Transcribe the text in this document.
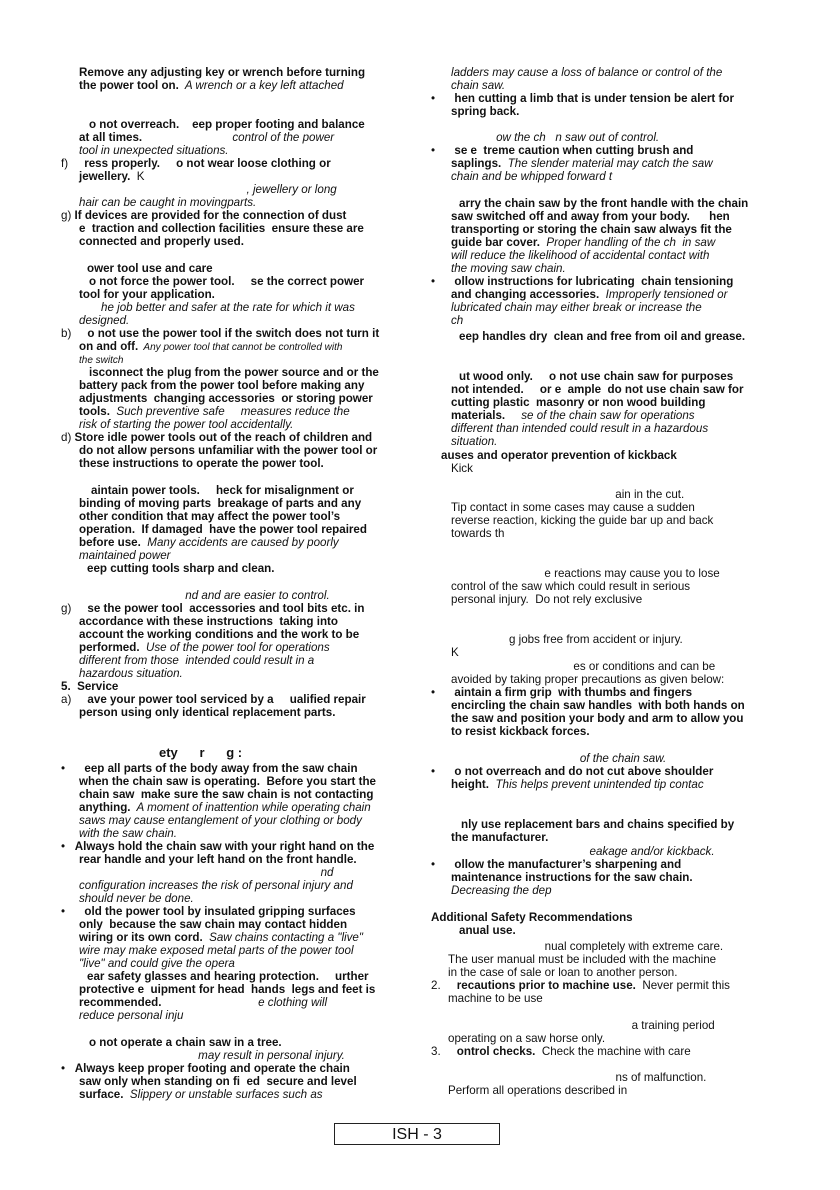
Remove any adjusting key or wrench before turning
the power tool on.  A wrench or a key left attached
o not overreach.    eep proper footing and balance
at all times.                            control of the power
tool in unexpected situations.
f)     ress properly.     o not wear loose clothing or
jewellery.  K
, jewellery or long
hair can be caught in movingparts.
g) If devices are provided for the connection of dust
e  traction and collection facilities  ensure these are
connected and properly used.
ower tool use and care
o not force the power tool.     se the correct power
tool for your application.
he job better and safer at the rate for which it was
designed.
b)     o not use the power tool if the switch does not turn it
on and off.  Any power tool that cannot be controlled with
the switch
isconnect the plug from the power source and or the
battery pack from the power tool before making any
adjustments  changing accessories  or storing power
tools.  Such preventive safe     measures reduce the
risk of starting the power tool accidentally.
d) Store idle power tools out of the reach of children and
do not allow persons unfamiliar with the power tool or
these instructions to operate the power tool.
aintain power tools.     heck for misalignment or
binding of moving parts  breakage of parts and any
other condition that may affect the power tool’s
operation.  If damaged  have the power tool repaired
before use.  Many accidents are caused by poorly
maintained power
eep cutting tools sharp and clean.
nd and are easier to control.
g)     se the power tool  accessories and tool bits etc. in
accordance with these instructions  taking into
account the working conditions and the work to be
performed.  Use of the power tool for operations
different from those  intended could result in a
hazardous situation.
5.  Service
a)     ave your power tool serviced by a     ualified repair
person using only identical replacement parts.
ety      r      g :
•      eep all parts of the body away from the saw chain
when the chain saw is operating.  Before you start the
chain saw  make sure the saw chain is not contacting
anything.  A moment of inattention while operating chain
saws may cause entanglement of your clothing or body
with the saw chain.
•   Always hold the chain saw with your right hand on the
rear handle and your left hand on the front handle.
nd
configuration increases the risk of personal injury and
should never be done.
•      old the power tool by insulated gripping surfaces
only  because the saw chain may contact hidden
wiring or its own cord.  Saw chains contacting a "live"
wire may make exposed metal parts of the power tool
"live" and could give the opera
ear safety glasses and hearing protection.     urther
protective e  uipment for head  hands  legs and feet is
recommended.                              e clothing will
reduce personal inju
o not operate a chain saw in a tree.
may result in personal injury.
•   Always keep proper footing and operate the chain
saw only when standing on fi  ed  secure and level
surface.  Slippery or unstable surfaces such as
ladders may cause a loss of balance or control of the
chain saw.
•      hen cutting a limb that is under tension be alert for
spring back.
ow the ch   n saw out of control.
•      se e  treme caution when cutting brush and
saplings.  The slender material may catch the saw
chain and be whipped forward t
arry the chain saw by the front handle with the chain
saw switched off and away from your body.      hen
transporting or storing the chain saw always fit the
guide bar cover.  Proper handling of the ch  in saw
will reduce the likelihood of accidental contact with
the moving saw chain.
•      ollow instructions for lubricating  chain tensioning
and changing accessories.  Improperly tensioned or
lubricated chain may either break or increase the
ch
eep handles dry  clean and free from oil and grease.
ut wood only.     o not use chain saw for purposes
not intended.     or e  ample  do not use chain saw for
cutting plastic  masonry or non wood building
materials.     se of the chain saw for operations
different than intended could result in a hazardous
situation.
auses and operator prevention of kickback
Kick
ain in the cut.
Tip contact in some cases may cause a sudden
reverse reaction, kicking the guide bar up and back
towards th
e reactions may cause you to lose
control of the saw which could result in serious
personal injury.  Do not rely exclusive
g jobs free from accident or injury.
K
es or conditions and can be
avoided by taking proper precautions as given below:
•      aintain a firm grip  with thumbs and fingers
encircling the chain saw handles  with both hands on
the saw and position your body and arm to allow you
to resist kickback forces.
of the chain saw.
•      o not overreach and do not cut above shoulder
height.  This helps prevent unintended tip contac
nly use replacement bars and chains specified by
the manufacturer.
eakage and/or kickback.
•      ollow the manufacturer’s sharpening and
maintenance instructions for the saw chain.
Decreasing the dep
Additional Safety Recommendations
anual use.
nual completely with extreme care.
The user manual must be included with the machine
in the case of sale or loan to another person.
2.     recautions prior to machine use.  Never permit this
machine to be use
a training period
operating on a saw horse only.
3.     ontrol checks.  Check the machine with care
ns of malfunction.
Perform all operations described in
ISH - 3
